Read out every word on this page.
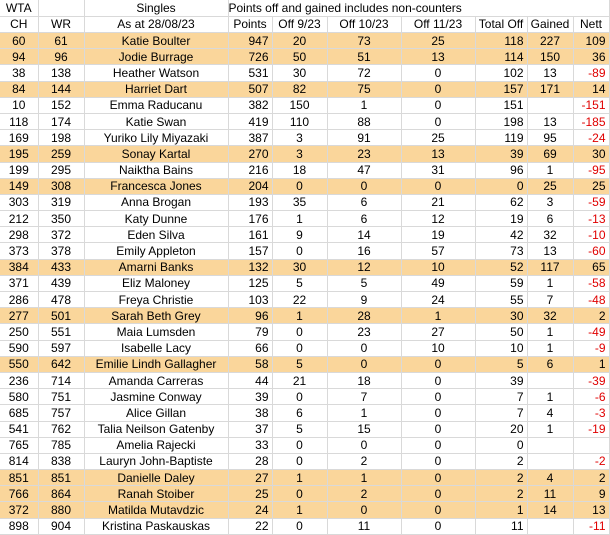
WTA		Singles	Points off and gained includes non-counters						
CH	WR	As at 28/08/23	Points	Off 9/23	Off 10/23	Off 11/23	Total Off	Gained	Nett
60	61	Katie Boulter	947	20	73	25	118	227	109
94	96	Jodie Burrage	726	50	51	13	114	150	36
38	138	Heather Watson	531	30	72	0	102	13	-89
84	144	Harriet Dart	507	82	75	0	157	171	14
10	152	Emma Raducanu	382	150	1	0	151		-151
118	174	Katie Swan	419	110	88	0	198	13	-185
169	198	Yuriko Lily Miyazaki	387	3	91	25	119	95	-24
195	259	Sonay Kartal	270	3	23	13	39	69	30
199	295	Naiktha Bains	216	18	47	31	96	1	-95
149	308	Francesca Jones	204	0	0	0	0	25	25
303	319	Anna Brogan	193	35	6	21	62	3	-59
212	350	Katy Dunne	176	1	6	12	19	6	-13
298	372	Eden Silva	161	9	14	19	42	32	-10
373	378	Emily Appleton	157	0	16	57	73	13	-60
384	433	Amarni Banks	132	30	12	10	52	117	65
371	439	Eliz Maloney	125	5	5	49	59	1	-58
286	478	Freya Christie	103	22	9	24	55	7	-48
277	501	Sarah Beth Grey	96	1	28	1	30	32	2
250	551	Maia Lumsden	79	0	23	27	50	1	-49
590	597	Isabelle Lacy	66	0	0	10	10	1	-9
550	642	Emilie Lindh Gallagher	58	5	0	0	5	6	1
236	714	Amanda Carreras	44	21	18	0	39		-39
580	751	Jasmine Conway	39	0	7	0	7	1	-6
685	757	Alice Gillan	38	6	1	0	7	4	-3
541	762	Talia Neilson Gatenby	37	5	15	0	20	1	-19
765	785	Amelia Rajecki	33	0	0	0	0		
814	838	Lauryn John-Baptiste	28	0	2	0	2		-2
851	851	Danielle Daley	27	1	1	0	2	4	2
766	864	Ranah Stoiber	25	0	2	0	2	11	9
372	880	Matilda Mutavdzic	24	1	0	0	1	14	13
898	904	Kristina Paskauskas	22	0	11	0	11		-11
